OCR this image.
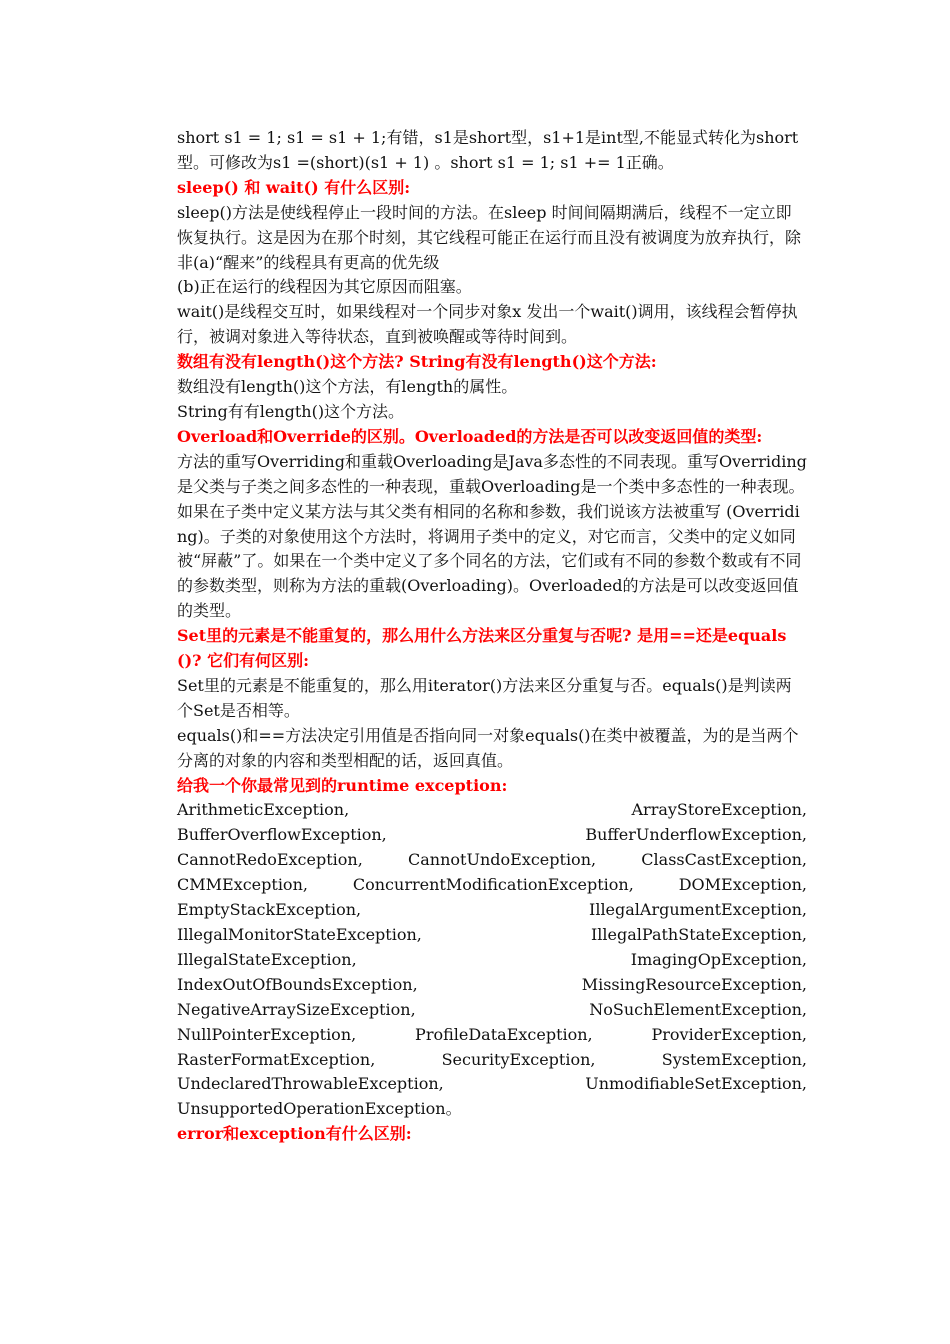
short s1 = 1; s1 = s1 + 1;有错，s1是short型，s1+1是int型,不能显式转化为short型。可修改为s1 =(short)(s1 + 1) 。short s1 = 1; s1 += 1正确。
sleep() 和 wait() 有什么区别:
sleep()方法是使线程停止一段时间的方法。在sleep 时间间隔期满后，线程不一定立即恢复执行。这是因为在那个时刻，其它线程可能正在运行而且没有被调度为放弃执行，除非(a)“醒来”的线程具有更高的优先级
(b)正在运行的线程因为其它原因而阻塞。
wait()是线程交互时，如果线程对一个同步对象x 发出一个wait()调用，该线程会暂停执行，被调对象进入等待状态，直到被唤醒或等待时间到。
数组有没有length()这个方法? String有没有length()这个方法:
数组没有length()这个方法，有length的属性。
String有有length()这个方法。
Overload和Override的区别。Overloaded的方法是否可以改变返回值的类型:
方法的重写Overriding和重载Overloading是Java多态性的不同表现。重写Overriding是父类与子类之间多态性的一种表现，重载Overloading是一个类中多态性的一种表现。如果在子类中定义某方法与其父类有相同的名称和参数，我们说该方法被重写 (Overriding)。子类的对象使用这个方法时，将调用子类中的定义，对它而言，父类中的定义如同被“屏蔽”了。如果在一个类中定义了多个同名的方法，它们或有不同的参数个数或有不同的参数类型，则称为方法的重载(Overloading)。Overloaded的方法是可以改变返回值的类型。
Set里的元素是不能重复的，那么用什么方法来区分重复与否呢? 是用==还是equals()? 它们有何区别:
Set里的元素是不能重复的，那么用iterator()方法来区分重复与否。equals()是判读两个Set是否相等。
equals()和==方法决定引用值是否指向同一对象equals()在类中被覆盖，为的是当两个分离的对象的内容和类型相配的话，返回真值。
给我一个你最常见到的runtime exception:
ArithmeticException,	ArrayStoreException,
BufferOverflowException,	BufferUnderflowException,
CannotRedoException,	CannotUndoException,	ClassCastException,
CMMException,	ConcurrentModificationException,	DOMException,
EmptyStackException,	IllegalArgumentException,
IllegalMonitorStateException,	IllegalPathStateException,
IllegalStateException,	ImagingOpException,
IndexOutOfBoundsException,	MissingResourceException,
NegativeArraySizeException,	NoSuchElementException,
NullPointerException,	ProfileDataException,	ProviderException,
RasterFormatException,	SecurityException,	SystemException,
UndeclaredThrowableException,	UnmodifiableSetException,
UnsupportedOperationException。
error和exception有什么区别:
